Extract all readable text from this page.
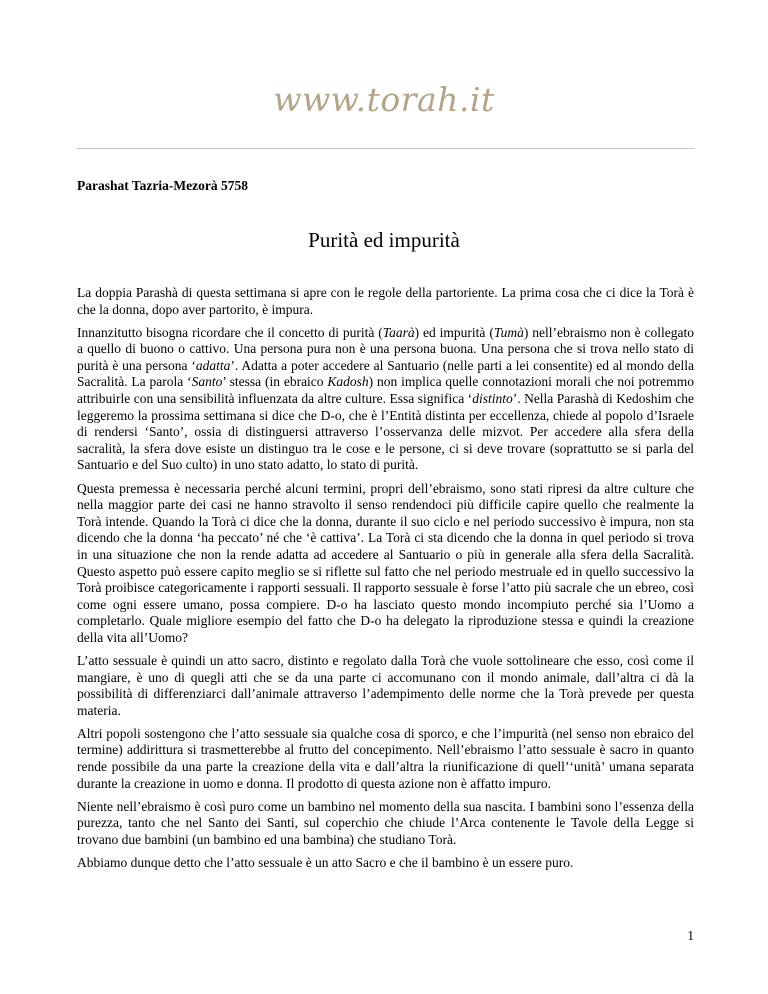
www.torah.it
Parashat Tazria-Mezorà 5758
Purità ed impurità

La doppia Parashà di questa settimana si apre con le regole della partoriente. La prima cosa che ci dice la Torà è che la donna, dopo aver partorito, è impura.

Innanzitutto bisogna ricordare che il concetto di purità (Taarà) ed impurità (Tumà) nell’ebraismo non è collegato a quello di buono o cattivo. Una persona pura non è una persona buona. Una persona che si trova nello stato di purità è una persona ‘adatta’. Adatta a poter accedere al Santuario (nelle parti a lei consentite) ed al mondo della Sacralità. La parola ‘Santo’ stessa (in ebraico Kadosh) non implica quelle connotazioni morali che noi potremmo attribuirle con una sensibilità influenzata da altre culture. Essa significa ‘distinto’. Nella Parashà di Kedoshim che leggeremo la prossima settimana si dice che D-o, che è l’Entità distinta per eccellenza, chiede al popolo d’Israele di rendersi ‘Santo’, ossia di distinguersi attraverso l’osservanza delle mizvot. Per accedere alla sfera della sacralità, la sfera dove esiste un distinguo tra le cose e le persone, ci si deve trovare (soprattutto se si parla del Santuario e del Suo culto) in uno stato adatto, lo stato di purità.

Questa premessa è necessaria perché alcuni termini, propri dell’ebraismo, sono stati ripresi da altre culture che nella maggior parte dei casi ne hanno stravolto il senso rendendoci più difficile capire quello che realmente la Torà intende. Quando la Torà ci dice che la donna, durante il suo ciclo e nel periodo successivo è impura, non sta dicendo che la donna ‘ha peccato’ né che ‘è cattiva’. La Torà ci sta dicendo che la donna in quel periodo si trova in una situazione che non la rende adatta ad accedere al Santuario o più in generale alla sfera della Sacralità. Questo aspetto può essere capito meglio se si riflette sul fatto che nel periodo mestruale ed in quello successivo la Torà proibisce categoricamente i rapporti sessuali. Il rapporto sessuale è forse l’atto più sacrale che un ebreo, così come ogni essere umano, possa compiere. D-o ha lasciato questo mondo incompiuto perché sia l’Uomo a completarlo. Quale migliore esempio del fatto che D-o ha delegato la riproduzione stessa e quindi la creazione della vita all’Uomo?

L’atto sessuale è quindi un atto sacro, distinto e regolato dalla Torà che vuole sottolineare che esso, così come il mangiare, è uno di quegli atti che se da una parte ci accomunano con il mondo animale, dall’altra ci dà la possibilità di differenziarci dall’animale attraverso l’adempimento delle norme che la Torà prevede per questa materia.

Altri popoli sostengono che l’atto sessuale sia qualche cosa di sporco, e che l’impurità (nel senso non ebraico del termine) addirittura si trasmetterebbe al frutto del concepimento. Nell’ebraismo l’atto sessuale è sacro in quanto rende possibile da una parte la creazione della vita e dall’altra la riunificazione di quell’‘unità’ umana separata durante la creazione in uomo e donna. Il prodotto di questa azione non è affatto impuro.

Niente nell’ebraismo è così puro come un bambino nel momento della sua nascita. I bambini sono l’essenza della purezza, tanto che nel Santo dei Santi, sul coperchio che chiude l’Arca contenente le Tavole della Legge si trovano due bambini (un bambino ed una bambina) che studiano Torà.

Abbiamo dunque detto che l’atto sessuale è un atto Sacro e che il bambino è un essere puro.

1
